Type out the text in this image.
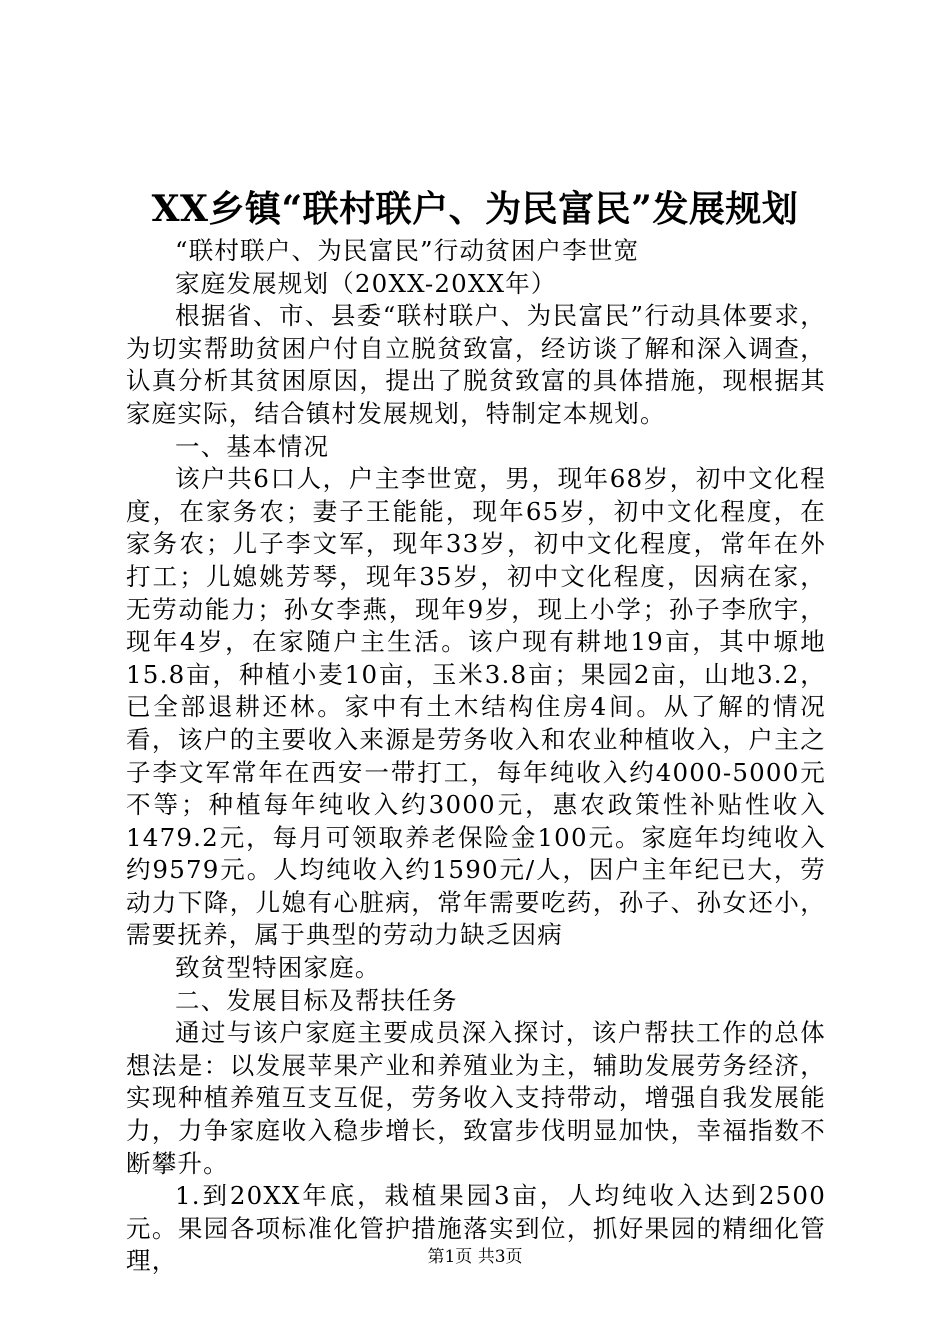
XX乡镇“联村联户、为民富民”发展规划

“联村联户、为民富民”行动贫困户李世宽

家庭发展规划（20XX-20XX年）

根据省、市、县委“联村联户、为民富民”行动具体要求，为切实帮助贫困户付自立脱贫致富，经访谈了解和深入调查，认真分析其贫困原因，提出了脱贫致富的具体措施，现根据其家庭实际，结合镇村发展规划，特制定本规划。

一、基本情况

该户共6口人，户主李世宽，男，现年68岁，初中文化程度，在家务农；妻子王能能，现年65岁，初中文化程度，在家务农；儿子李文军，现年33岁，初中文化程度，常年在外打工；儿媳姚芳琴，现年35岁，初中文化程度，因病在家，无劳动能力；孙女李燕，现年9岁，现上小学；孙子李欣宇，现年4岁，在家随户主生活。该户现有耕地19亩，其中塬地15.8亩，种植小麦10亩，玉米3.8亩；果园2亩，山地3.2，已全部退耕还林。家中有土木结构住房4间。从了解的情况看，该户的主要收入来源是劳务收入和农业种植收入，户主之子李文军常年在西安一带打工，每年纯收入约4000-5000元不等；种植每年纯收入约3000元，惠农政策性补贴性收入1479.2元，每月可领取养老保险金100元。家庭年均纯收入约9579元。人均纯收入约1590元/人，因户主年纪已大，劳动力下降，儿媳有心脏病，常年需要吃药，孙子、孙女还小，需要抚养，属于典型的劳动力缺乏因病

致贫型特困家庭。

二、发展目标及帮扶任务

通过与该户家庭主要成员深入探讨，该户帮扶工作的总体想法是：以发展苹果产业和养殖业为主，辅助发展劳务经济，实现种植养殖互支互促，劳务收入支持带动，增强自我发展能力，力争家庭收入稳步增长，致富步伐明显加快，幸福指数不断攀升。

1.到20XX年底，栽植果园3亩，人均纯收入达到2500元。果园各项标准化管护措施落实到位，抓好果园的精细化管理，	第1页 共3页
